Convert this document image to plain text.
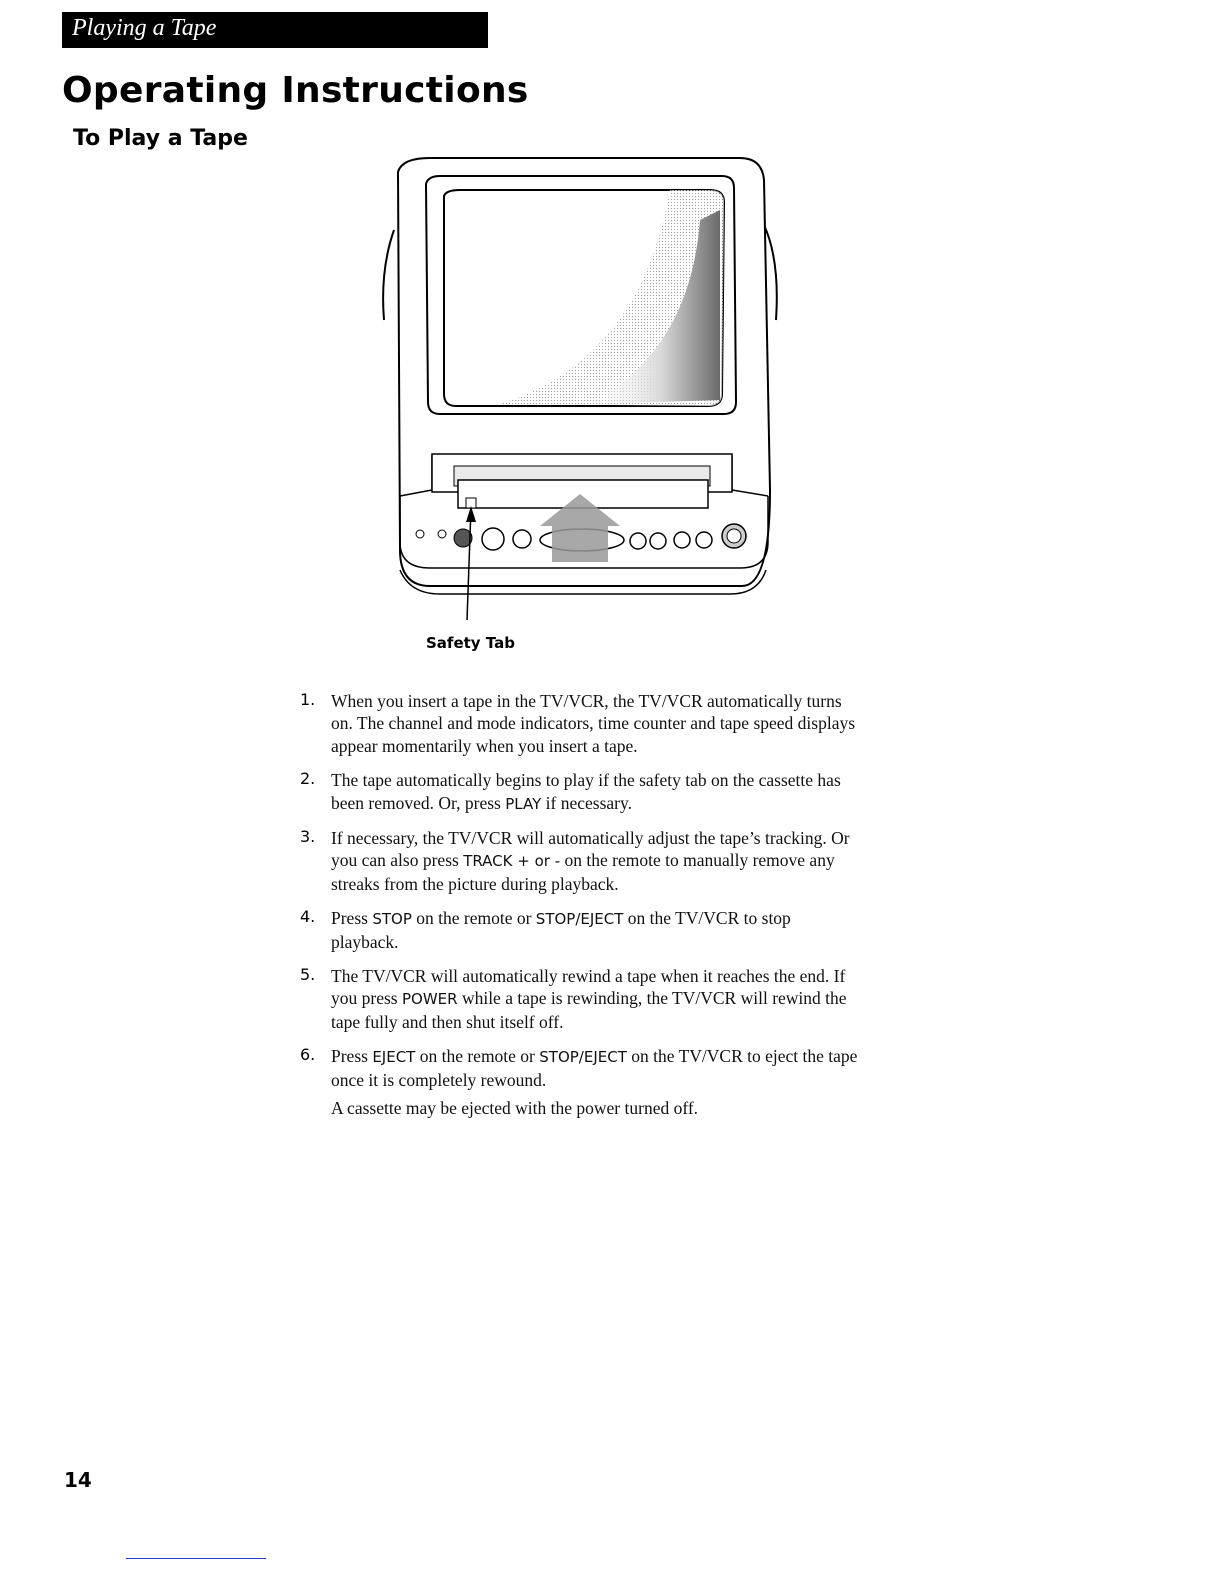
Playing a Tape
Operating Instructions
To Play a Tape
Safety Tab
1. When you insert a tape in the TV/VCR, the TV/VCR automatically turns on. The channel and mode indicators, time counter and tape speed displays appear momentarily when you insert a tape.
2. The tape automatically begins to play if the safety tab on the cassette has been removed. Or, press PLAY if necessary.
3. If necessary, the TV/VCR will automatically adjust the tape’s tracking. Or you can also press TRACK + or - on the remote to manually remove any streaks from the picture during playback.
4. Press STOP on the remote or STOP/EJECT on the TV/VCR to stop playback.
5. The TV/VCR will automatically rewind a tape when it reaches the end. If you press POWER while a tape is rewinding, the TV/VCR will rewind the tape fully and then shut itself off.
6. Press EJECT on the remote or STOP/EJECT on the TV/VCR to eject the tape once it is completely rewound.
A cassette may be ejected with the power turned off.
14
